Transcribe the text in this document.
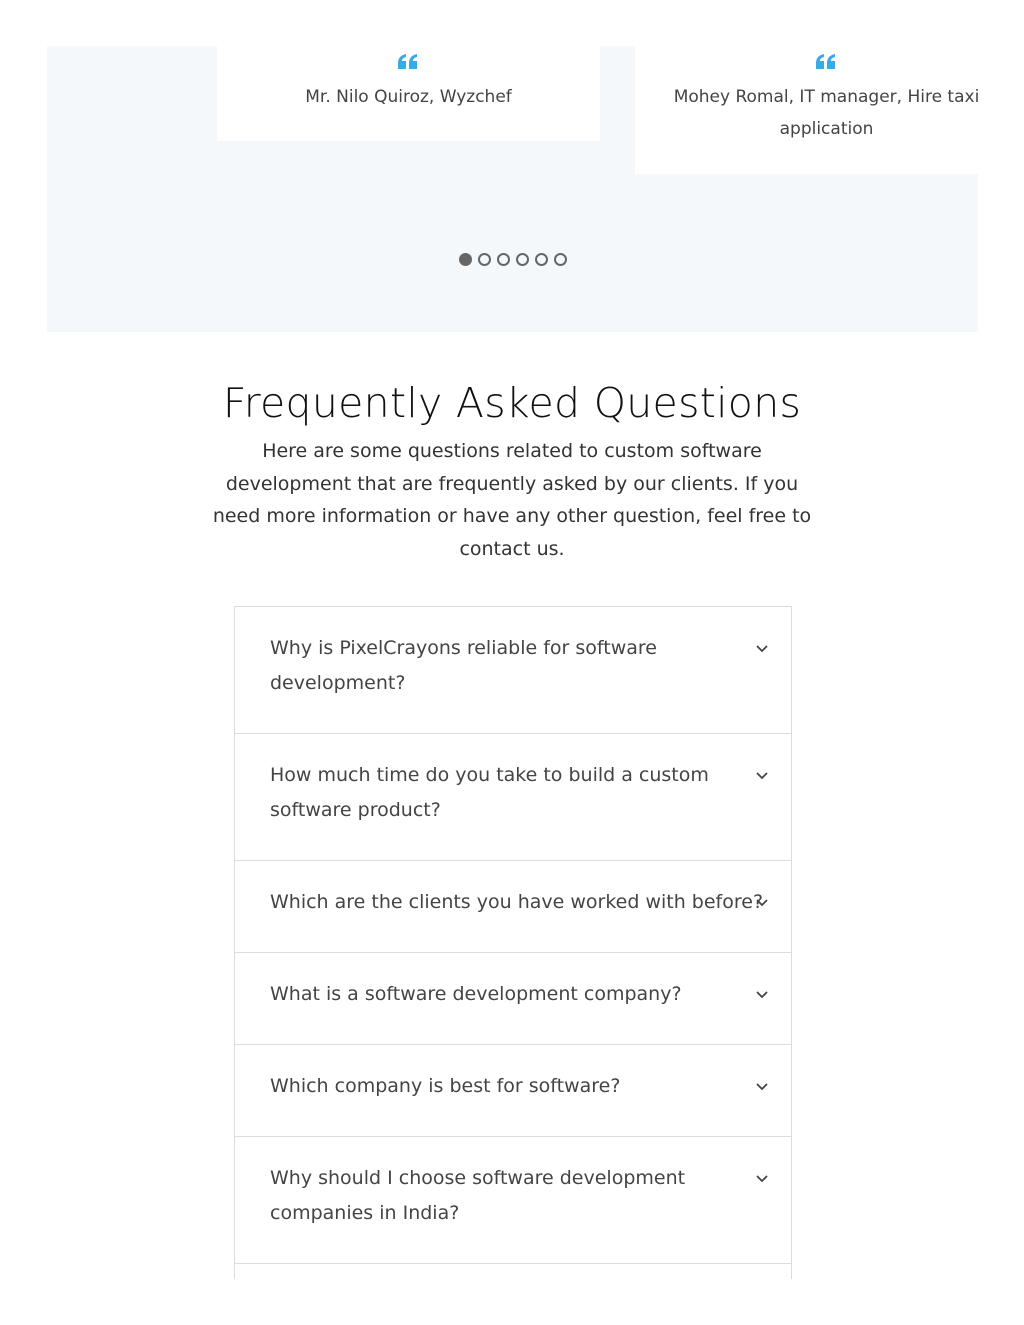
Mr. Nilo Quiroz, Wyzchef	Mohey Romal, IT manager, Hire taxi application
Frequently Asked Questions

Here are some questions related to custom software development that are frequently asked by our clients. If you need more information or have any other question, feel free to contact us.

Why is PixelCrayons reliable for software development?
How much time do you take to build a custom software product?
Which are the clients you have worked with before?
What is a software development company?
Which company is best for software?
Why should I choose software development companies in India?
